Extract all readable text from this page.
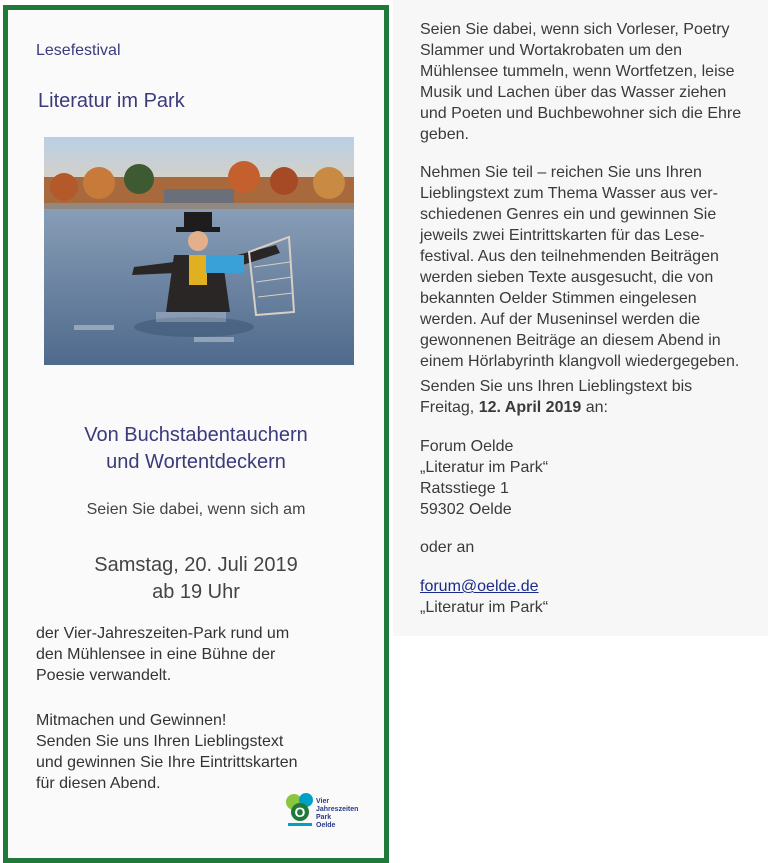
Lesefestival
Literatur im Park
Von Buchstabentauchern
und Wortentdeckern
Seien Sie dabei, wenn sich am
Samstag, 20. Juli 2019
ab 19 Uhr
der Vier-Jahreszeiten-Park rund um
den Mühlensee in eine Bühne der
Poesie verwandelt.
Mitmachen und Gewinnen!
Senden Sie uns Ihren Lieblingstext
und gewinnen Sie Ihre Eintrittskarten
für diesen Abend.
O
Vier
Jahreszeiten
Park
Oelde
Seien Sie dabei, wenn sich Vorleser, Poetry
Slammer und Wortakrobaten um den
Mühlensee tummeln, wenn Wortfetzen, leise
Musik und Lachen über das Wasser ziehen
und Poeten und Buchbewohner sich die Ehre
geben.
Nehmen Sie teil – reichen Sie uns Ihren
Lieblingstext zum Thema Wasser aus ver-
schiedenen Genres ein und gewinnen Sie
jeweils zwei Eintrittskarten für das Lese-
festival. Aus den teilnehmenden Beiträgen
werden sieben Texte ausgesucht, die von
bekannten Oelder Stimmen eingelesen
werden. Auf der Museninsel werden die
gewonnenen Beiträge an diesem Abend in
einem Hörlabyrinth klangvoll wiedergegeben.
Senden Sie uns Ihren Lieblingstext bis
Freitag, 12. April 2019 an:
Forum Oelde
„Literatur im Park“
Ratsstiege 1
59302 Oelde
oder an
forum@oelde.de
„Literatur im Park“
